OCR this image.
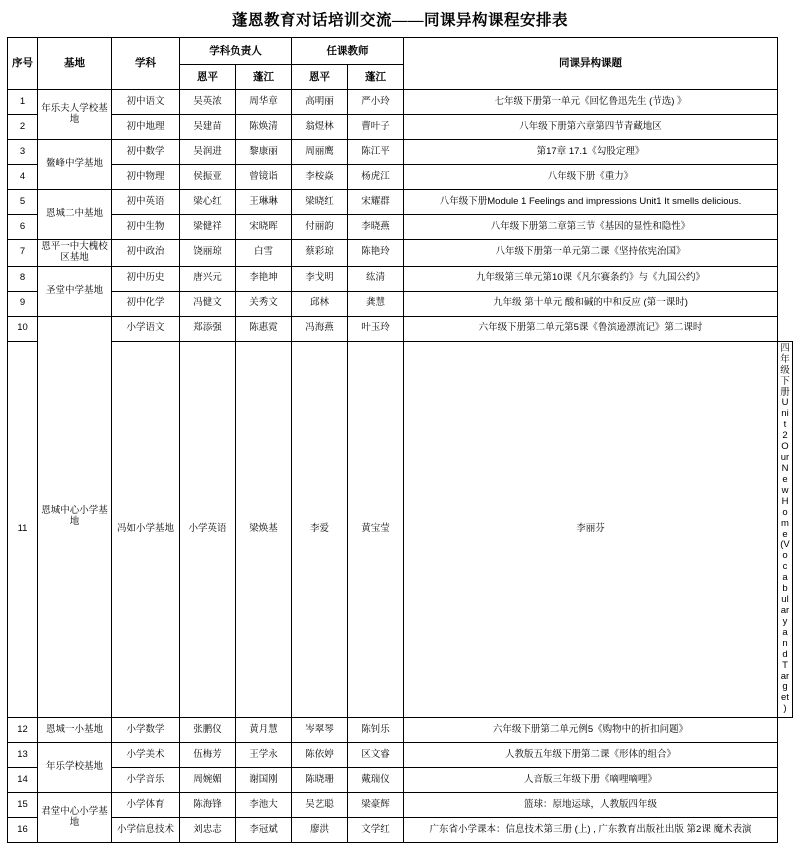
蓬恩教育对话培训交流——同课异构课程安排表
序号	基地	学科	学科负责人		任课教师		同课异构课题	
			恩平	蓬江	恩平	蓬江		
1	年乐夫人学校基地	初中语文	吴英浓	周华章	高明丽	严小玲	七年级下册第一单元《回忆鲁迅先生 (节选) 》	
2		初中地理	吴建苗	陈焕清	翁煜林	曹叶子	八年级下册第六章第四节青藏地区	
3	鳌峰中学基地	初中数学	吴润进	黎康丽	周丽鹰	陈江平	第17章 17.1《勾股定理》	
4		初中物理	侯振亚	曾镜诣	李桉焱	杨虎江	八年级下册《重力》	
5	恩城二中基地	初中英语	梁心红	王琳琳	梁晓红	宋耀群	八年级下册Module 1 Feelings and impressions Unit1 It smells delicious.	
6		初中生物	梁健祥	宋晓晖	付丽韵	李晓燕	八年级下册第二章第三节《基因的显性和隐性》	
7	恩平一中大槐校区基地	初中政治	饶丽琼	白雪	蔡彩琼	陈艳玲	八年级下册第一单元第二课《坚持依宪治国》	
8	圣堂中学基地	初中历史	唐兴元	李艳坤	李戈明	纮清	九年级第三单元第10课《凡尔赛条约》与《九国公约》	
9		初中化学	冯健文	关秀文	邱林	龚慧	九年级 第十单元 酸和碱的中和反应 (第一课时)	
10	恩城中心小学基地	小学语文	郑添强	陈惠霓	冯海燕	叶玉玲	六年级下册第二单元第5课《鲁滨逊漂流记》第二课时	
11		冯如小学基地	小学英语	梁焕基	李爱	黄宝莹	李丽芬	四年级下册Unit 2 Our New Home (Vocabulary and Target)
12	恩城一小基地	小学数学	张鹏仪	黄月慧	岑翠琴	陈钊乐	六年级下册第二单元例5《购物中的折扣问题》	
13	年乐学校基地	小学美术	伍梅芳	王学永	陈依婷	区文睿	人教版五年级下册第二课《形体的组合》	
14		小学音乐	周婉媚	谢国刚	陈晓珊	戴瑞仪	人音版三年级下册《嘀哩嘀哩》	
15	君堂中心小学基地	小学体育	陈海锋	李池大	吴艺聪	梁豪辉	篮球：原地运球，人教版四年级	
16		小学信息技术	刘忠志	李冠斌	廖洪	文学红	广东省小学课本：信息技术第三册 (上) , 广东教育出版社出版 第2课 魔术表演	
